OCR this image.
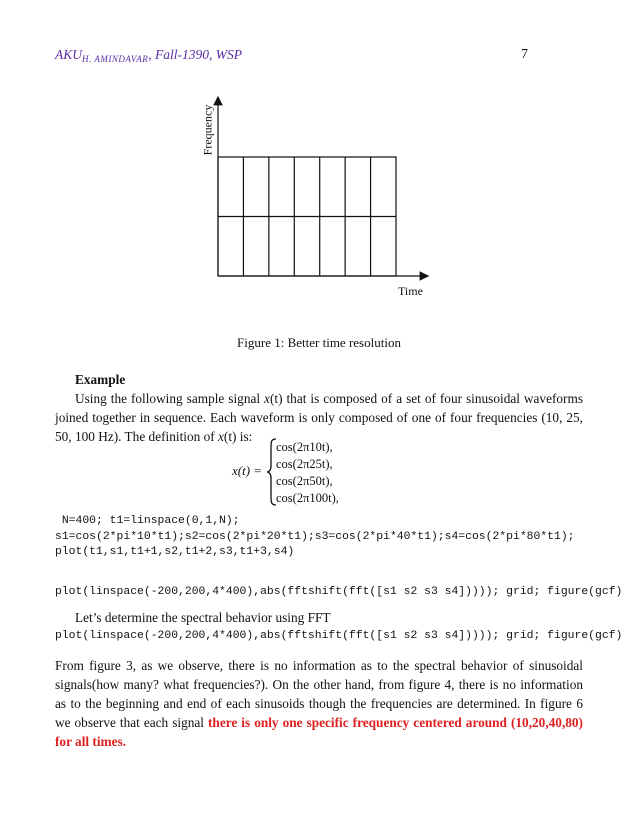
$AKU_{H. AMINDAVAR}$, Fall-1390, WSP	7
Frequency
Time
Figure 1: Better time resolution
Example
Using the following sample signal x(t) that is composed of a set of four sinusoidal waveforms joined together in sequence. Each waveform is only composed of one of four frequencies (10, 25, 50, 100 Hz). The definition of x(t) is:
x(t) =
cos(2π10t),
cos(2π25t),
cos(2π50t),
cos(2π100t),
N=400; t1=linspace(0,1,N);
s1=cos(2*pi*10*t1);s2=cos(2*pi*20*t1);s3=cos(2*pi*40*t1);s4=cos(2*pi*80*t1);
plot(t1,s1,t1+1,s2,t1+2,s3,t1+3,s4)
plot(linspace(-200,200,4*400),abs(fftshift(fft([s1 s2 s3 s4])))); grid; figure(gcf)
Let’s determine the spectral behavior using FFT
plot(linspace(-200,200,4*400),abs(fftshift(fft([s1 s2 s3 s4])))); grid; figure(gcf)
From figure 3, as we observe, there is no information as to the spectral behavior of sinusoidal signals(how many? what frequencies?). On the other hand, from figure 4, there is no information as to the beginning and end of each sinusoids though the frequencies are determined. In figure 6 we observe that each signal there is only one specific frequency centered around (10,20,40,80) for all times.
